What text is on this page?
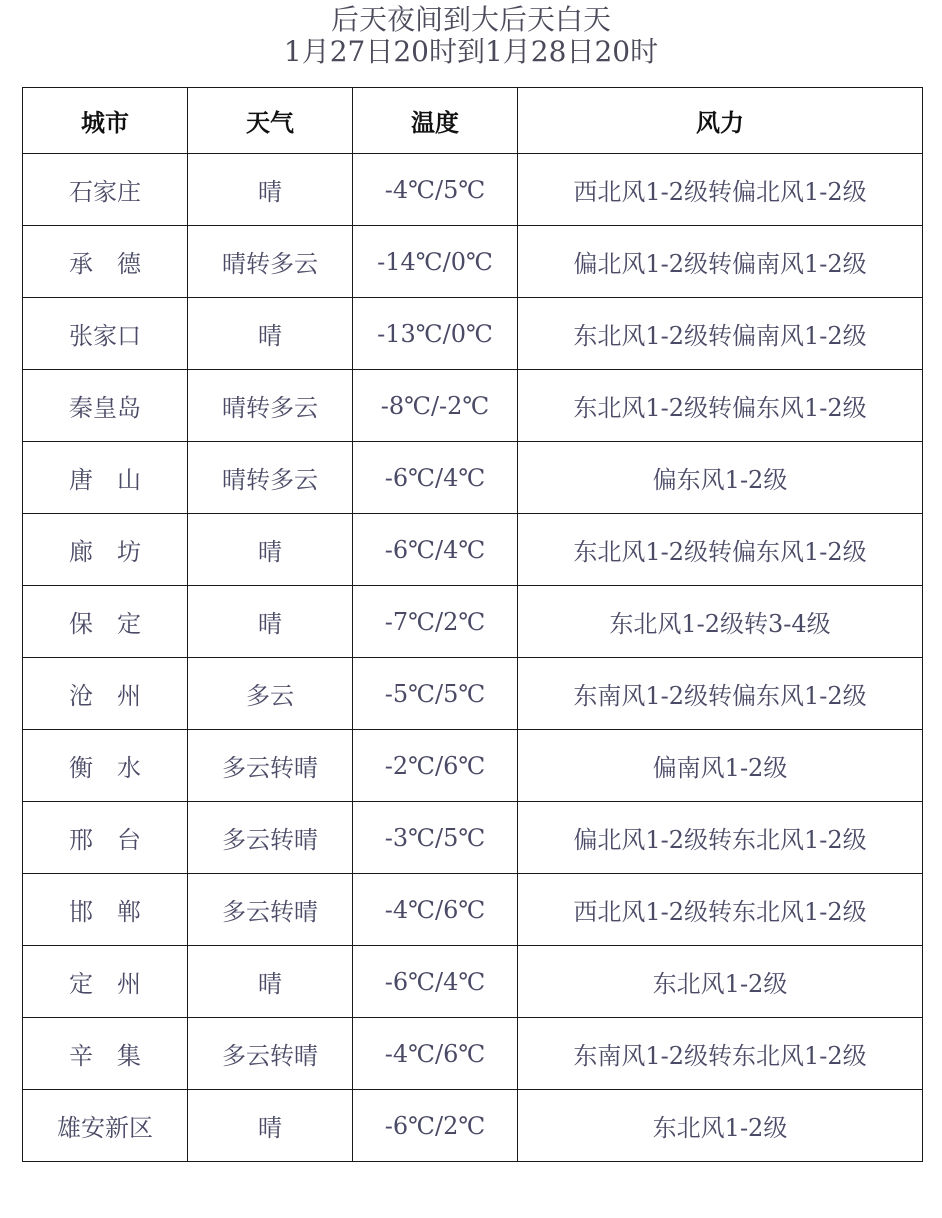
后天夜间到大后天白天
1月27日20时到1月28日20时
城市	天气	温度	风力
石家庄	晴	-4℃/5℃	西北风1-2级转偏北风1-2级
承　德	晴转多云	-14℃/0℃	偏北风1-2级转偏南风1-2级
张家口	晴	-13℃/0℃	东北风1-2级转偏南风1-2级
秦皇岛	晴转多云	-8℃/-2℃	东北风1-2级转偏东风1-2级
唐　山	晴转多云	-6℃/4℃	偏东风1-2级
廊　坊	晴	-6℃/4℃	东北风1-2级转偏东风1-2级
保　定	晴	-7℃/2℃	东北风1-2级转3-4级
沧　州	多云	-5℃/5℃	东南风1-2级转偏东风1-2级
衡　水	多云转晴	-2℃/6℃	偏南风1-2级
邢　台	多云转晴	-3℃/5℃	偏北风1-2级转东北风1-2级
邯　郸	多云转晴	-4℃/6℃	西北风1-2级转东北风1-2级
定　州	晴	-6℃/4℃	东北风1-2级
辛　集	多云转晴	-4℃/6℃	东南风1-2级转东北风1-2级
雄安新区	晴	-6℃/2℃	东北风1-2级
